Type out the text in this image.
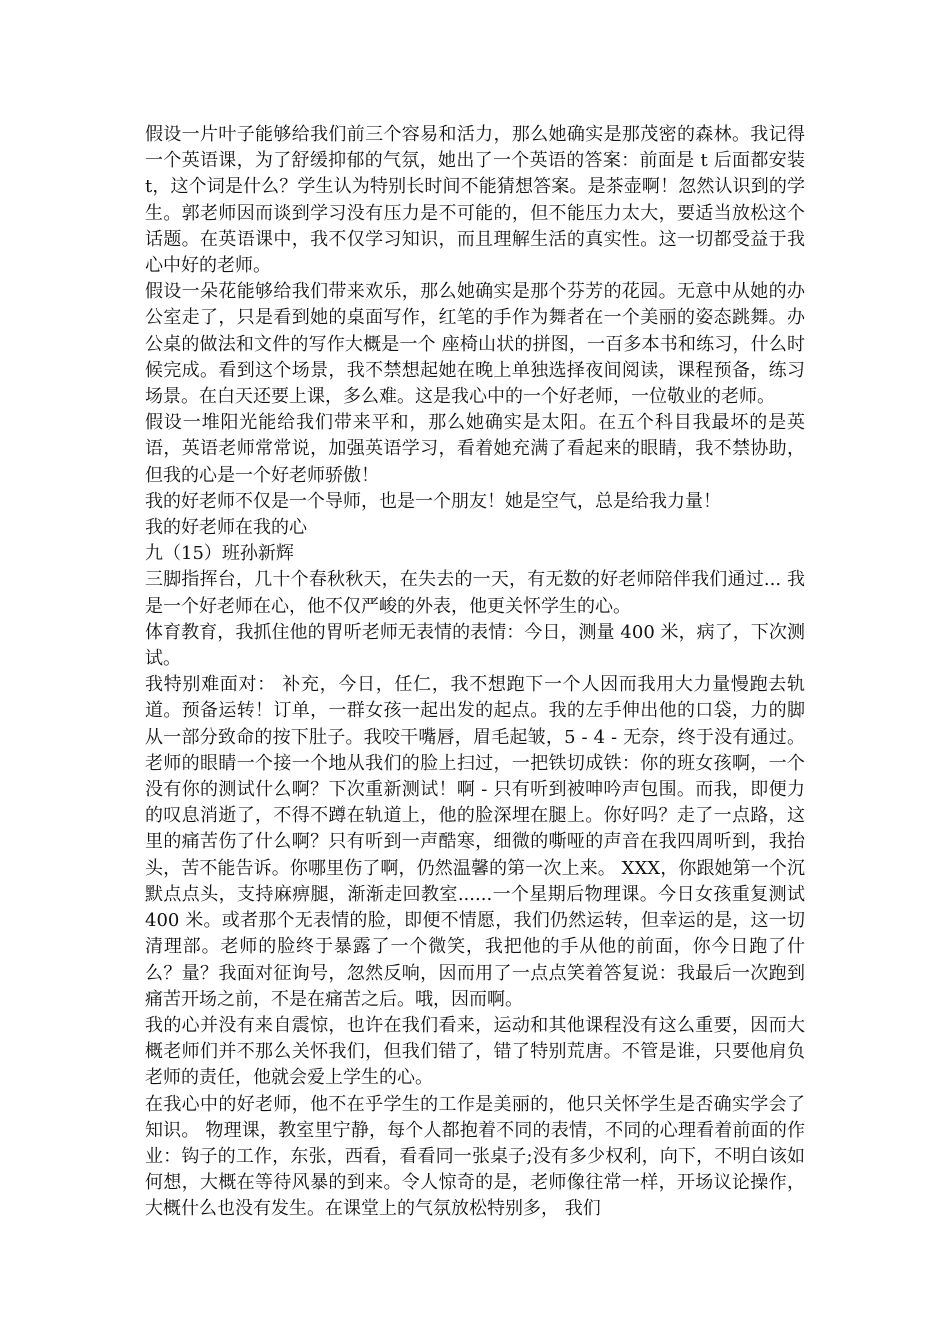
假设一片叶子能够给我们前三个容易和活力，那么她确实是那茂密的森林。我记得一个英语课，为了舒缓抑郁的气氛，她出了一个英语的答案：前面是 t 后面都安装 t，这个词是什么？学生认为特别长时间不能猜想答案。是茶壶啊！忽然认识到的学生。郭老师因而谈到学习没有压力是不可能的，但不能压力太大，要适当放松这个话题。在英语课中，我不仅学习知识，而且理解生活的真实性。这一切都受益于我心中好的老师。

假设一朵花能够给我们带来欢乐，那么她确实是那个芬芳的花园。无意中从她的办公室走了，只是看到她的桌面写作，红笔的手作为舞者在一个美丽的姿态跳舞。办公桌的做法和文件的写作大概是一个 座椅山状的拼图，一百多本书和练习，什么时候完成。看到这个场景，我不禁想起她在晚上单独选择夜间阅读，课程预备，练习场景。在白天还要上课，多么难。这是我心中的一个好老师，一位敬业的老师。

假设一堆阳光能给我们带来平和，那么她确实是太阳。在五个科目我最坏的是英语，英语老师常常说，加强英语学习，看着她充满了看起来的眼睛，我不禁协助，但我的心是一个好老师骄傲！

我的好老师不仅是一个导师，也是一个朋友！她是空气，总是给我力量！

我的好老师在我的心

九（15）班孙新辉

三脚指挥台，几十个春秋秋天，在失去的一天，有无数的好老师陪伴我们通过... 我是一个好老师在心，他不仅严峻的外表，他更关怀学生的心。

体育教育，我抓住他的胃听老师无表情的表情：今日，测量 400 米，病了，下次测试。

我特别难面对： 补充，今日，任仁，我不想跑下一个人因而我用大力量慢跑去轨道。预备运转！订单，一群女孩一起出发的起点。我的左手伸出他的口袋，力的脚从一部分致命的按下肚子。我咬干嘴唇，眉毛起皱，5 - 4 - 无奈，终于没有通过。老师的眼睛一个接一个地从我们的脸上扫过，一把铁切成铁：你的班女孩啊，一个没有你的测试什么啊？下次重新测试！啊 - 只有听到被呻吟声包围。而我，即便力的叹息消逝了，不得不蹲在轨道上，他的脸深埋在腿上。你好吗？走了一点路，这里的痛苦伤了什么啊？只有听到一声酷寒，细微的嘶哑的声音在我四周听到，我抬头，苦不能告诉。你哪里伤了啊，仍然温馨的第一次上来。 XXX，你跟她第一个沉默点点头，支持麻痹腿，渐渐走回教室......一个星期后物理课。今日女孩重复测试 400 米。或者那个无表情的脸，即便不情愿，我们仍然运转，但幸运的是，这一切 清理部。老师的脸终于暴露了一个微笑，我把他的手从他的前面，你今日跑了什么？量？我面对征询号，忽然反响，因而用了一点点笑着答复说：我最后一次跑到痛苦开场之前，不是在痛苦之后。哦，因而啊。

我的心并没有来自震惊，也许在我们看来，运动和其他课程没有这么重要，因而大概老师们并不那么关怀我们，但我们错了，错了特别荒唐。不管是谁，只要他肩负老师的责任，他就会爱上学生的心。

在我心中的好老师，他不在乎学生的工作是美丽的，他只关怀学生是否确实学会了知识。 物理课，教室里宁静，每个人都抱着不同的表情，不同的心理看着前面的作业：钩子的工作，东张，西看，看看同一张桌子;没有多少权利，向下，不明白该如何想，大概在等待风暴的到来。令人惊奇的是，老师像往常一样，开场议论操作，大概什么也没有发生。在课堂上的气氛放松特别多， 我们
